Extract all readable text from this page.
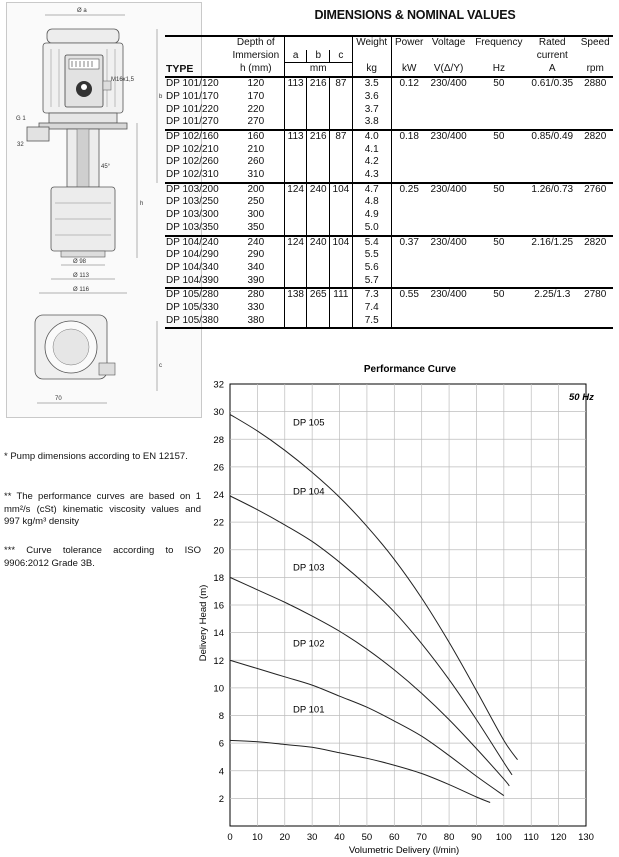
Ø a
M16x1,5
b
G 1
32
45°
h
Ø 98
Ø 113
Ø 116
c
70
DIMENSIONS & NOMINAL VALUES
	Depth of				Weight	Power	Voltage	Frequency	Rated	Speed
	Immersion	a	b	c					current	
TYPE	h (mm)	mm			kg	kW	V(Δ/Y)	Hz	A	rpm
DP 101/120	120	113	216	87	3.5	0.12	230/400	50	0.61/0.35	2880
DP 101/170	170				3.6					
DP 101/220	220				3.7					
DP 101/270	270				3.8					
DP 102/160	160	113	216	87	4.0	0.18	230/400	50	0.85/0.49	2820
DP 102/210	210				4.1					
DP 102/260	260				4.2					
DP 102/310	310				4.3					
DP 103/200	200	124	240	104	4.7	0.25	230/400	50	1.26/0.73	2760
DP 103/250	250				4.8					
DP 103/300	300				4.9					
DP 103/350	350				5.0					
DP 104/240	240	124	240	104	5.4	0.37	230/400	50	2.16/1.25	2820
DP 104/290	290				5.5					
DP 104/340	340				5.6					
DP 104/390	390				5.7					
DP 105/280	280	138	265	111	7.3	0.55	230/400	50	2.25/1.3	2780
DP 105/330	330				7.4					
DP 105/380	380				7.5					
* Pump dimensions according to EN 12157.
** The performance curves are based on 1 mm²/s (cSt) kinematic viscosity values and 997 kg/m³ density
*** Curve tolerance according to ISO 9906:2012 Grade 3B.
Performance Curve
DP 101
DP 102
DP 103
DP 104
DP 105
0 10 20 30 40 50 60 70 80 90 100 110 120 130
2
4
6
8
10
12
14
16
18
20
22
24
26
28
30
32
50 Hz
Volumetric Delivery (l/min)
Delivery Head (m)
